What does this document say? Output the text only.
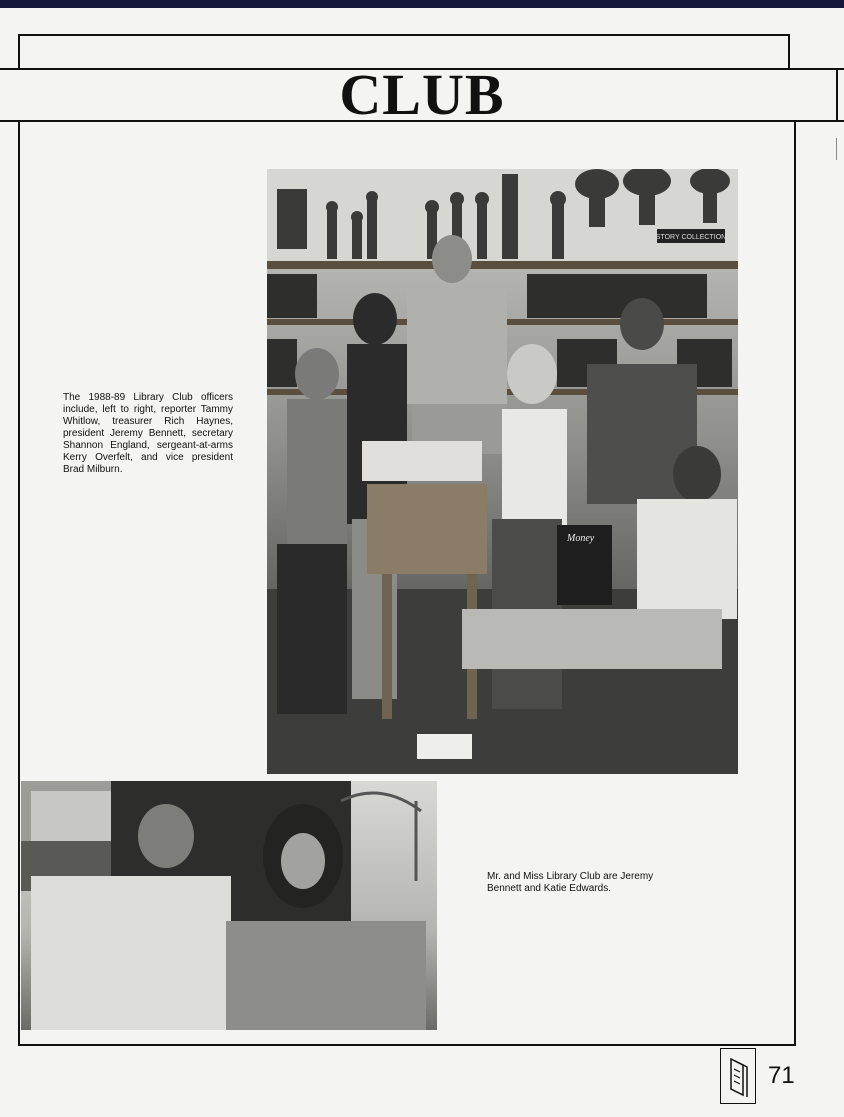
CLUB
STORY COLLECTION
Money
The 1988-89 Library Club officers include, left to right, reporter Tammy Whitlow, treasurer Rich Haynes, president Jeremy Bennett, secretary Shannon England, sergeant-at-arms Kerry Overfelt, and vice president Brad Milburn.
Mr. and Miss Library Club are Jeremy Bennett and Katie Edwards.
71
